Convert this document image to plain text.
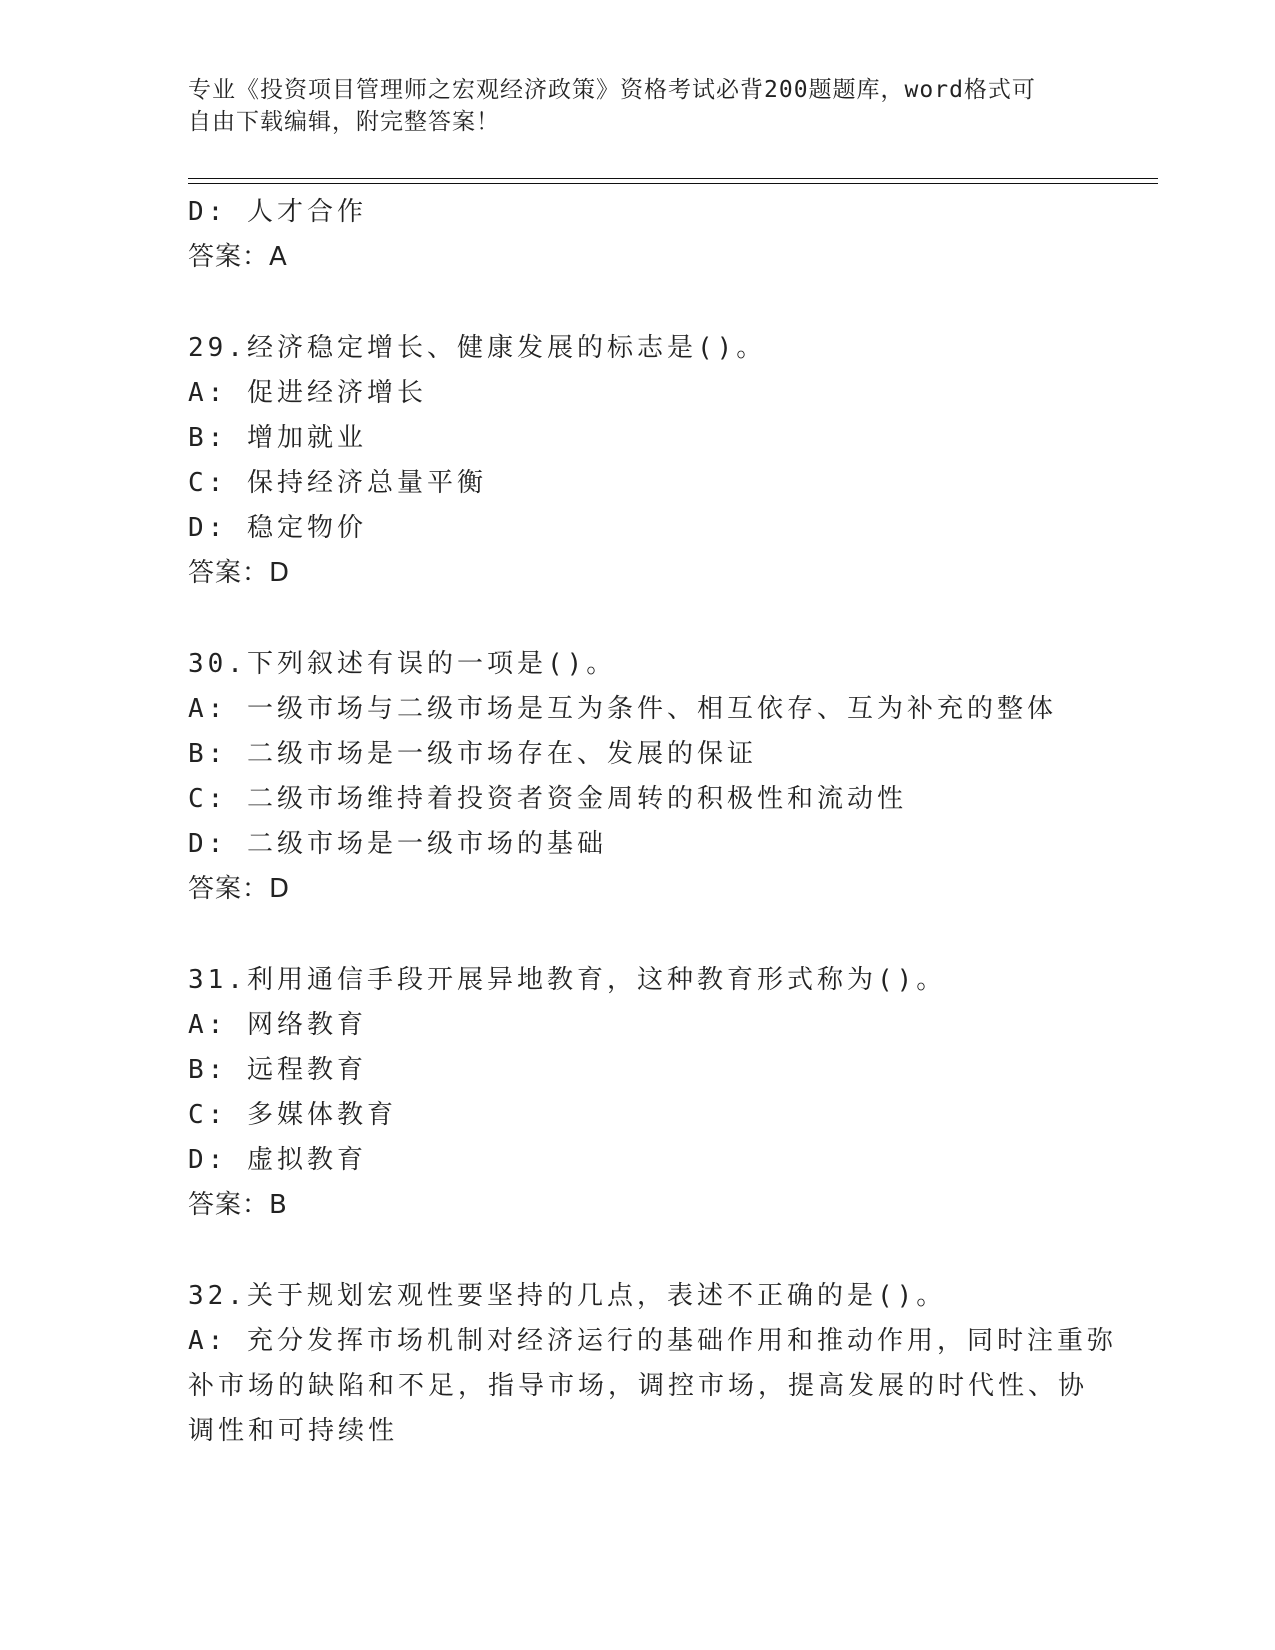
专业《投资项目管理师之宏观经济政策》资格考试必背200题题库，word格式可
自由下载编辑，附完整答案！
D: 人才合作
答案：A
29.经济稳定增长、健康发展的标志是()。
A: 促进经济增长
B: 增加就业
C: 保持经济总量平衡
D: 稳定物价
答案：D
30.下列叙述有误的一项是()。
A: 一级市场与二级市场是互为条件、相互依存、互为补充的整体
B: 二级市场是一级市场存在、发展的保证
C: 二级市场维持着投资者资金周转的积极性和流动性
D: 二级市场是一级市场的基础
答案：D
31.利用通信手段开展异地教育，这种教育形式称为()。
A: 网络教育
B: 远程教育
C: 多媒体教育
D: 虚拟教育
答案：B
32.关于规划宏观性要坚持的几点，表述不正确的是()。
A: 充分发挥市场机制对经济运行的基础作用和推动作用，同时注重弥
补市场的缺陷和不足，指导市场，调控市场，提高发展的时代性、协
调性和可持续性
